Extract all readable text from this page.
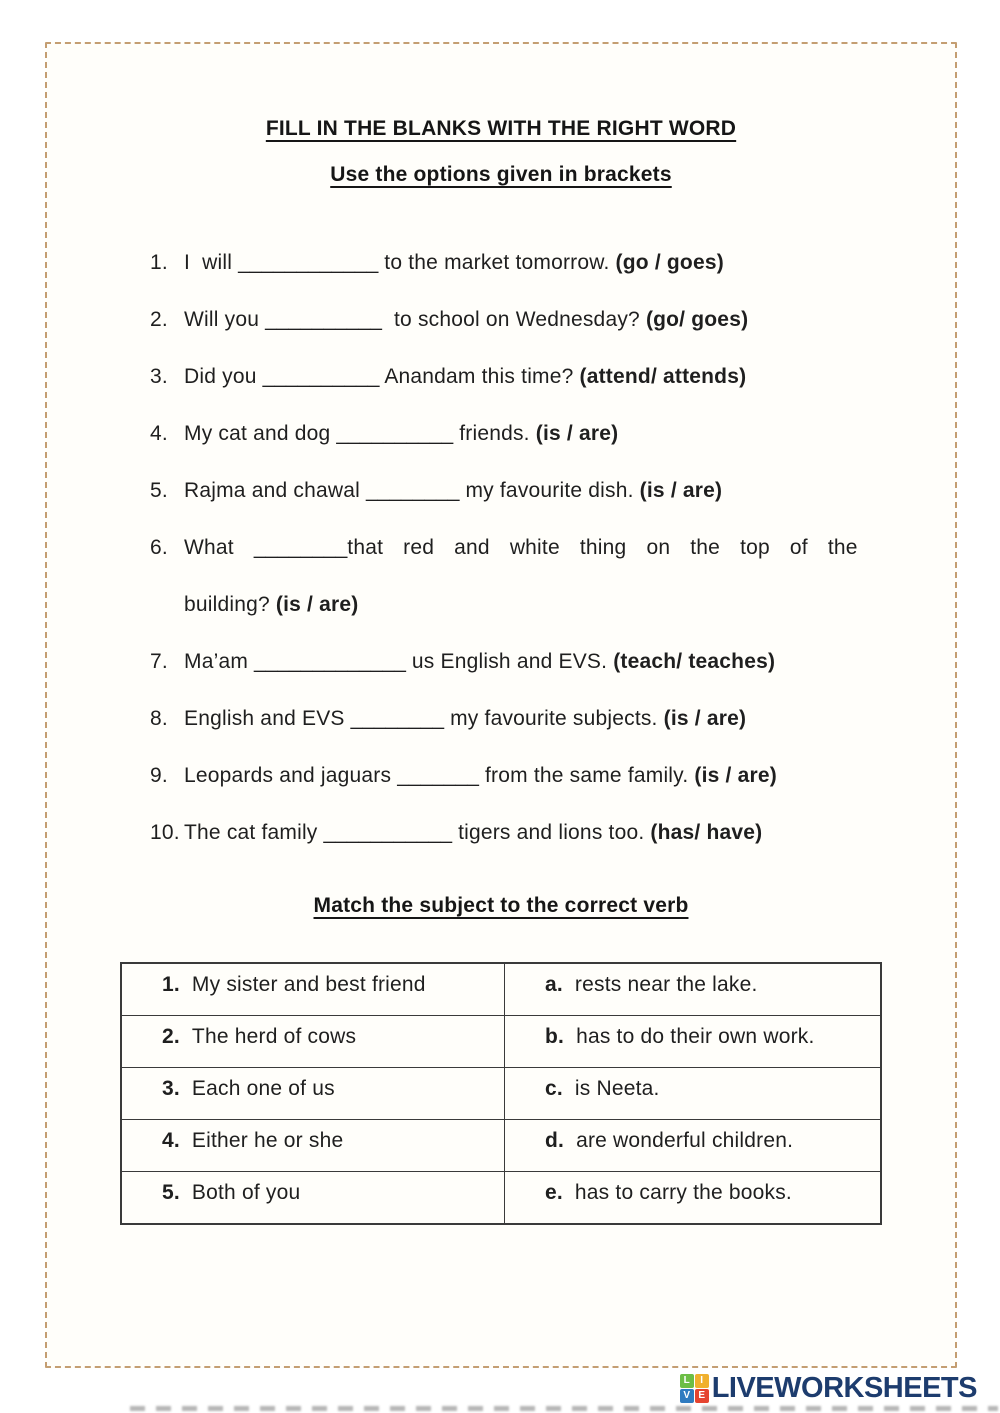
FILL IN THE BLANKS WITH THE RIGHT WORD
Use the options given in brackets
1. I  will ____________ to the market tomorrow. (go / goes)
2. Will you __________  to school on Wednesday? (go/ goes)
3. Did you __________ Anandam this time? (attend/ attends)
4. My cat and dog __________ friends. (is / are)
5. Rajma and chawal ________ my favourite dish. (is / are)
6. What ________that red and white thing on the top of the
building? (is / are)
7. Ma’am _____________ us English and EVS. (teach/ teaches)
8. English and EVS ________ my favourite subjects. (is / are)
9. Leopards and jaguars _______ from the same family. (is / are)
10. The cat family ___________ tigers and lions too. (has/ have)
Match the subject to the correct verb
1. My sister and best friend	a. rests near the lake.
2. The herd of cows	b. has to do their own work.
3. Each one of us	c. is Neeta.
4. Either he or she	d. are wonderful children.
5. Both of you	e. has to carry the books.
L	I
V E LIVEWORKSHEETS
